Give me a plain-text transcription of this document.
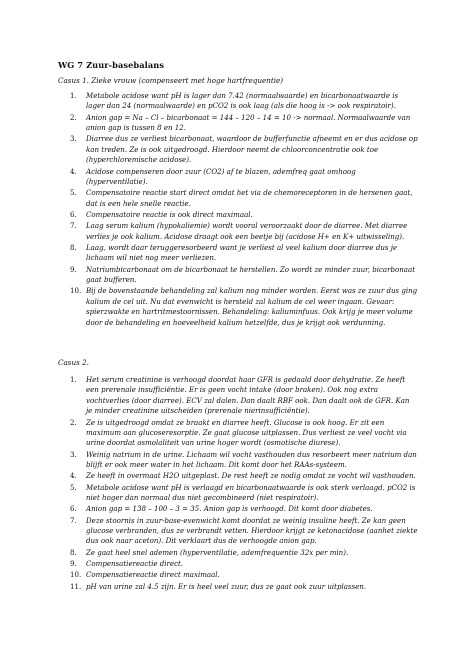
WG 7 Zuur-basebalans
Casus 1. Zieke vrouw (compenseert met hoge hartfrequentie)
1. Metabole acidose want pH is lager dan 7.42 (normaalwaarde) en bicarbonaatwaarde is lager dan 24 (normaalwaarde) en pCO2 is ook laag (als die hoog is -> ook respiratoir).
2. Anion gap = Na – Cl – bicarbonaat = 144 – 120 – 14 = 10 -> normaal. Normaalwaarde van anion gap is tussen 8 en 12.
3. Diarree dus ze verliest bicarbonaat, waardoor de bufferfunctie afneemt en er dus acidose op kan treden. Ze is ook uitgedroogd. Hierdoor neemt de chloorconcentratie ook toe (hyperchloremische acidose).
4. Acidose compenseren door zuur (CO2) af te blazen, ademfreq gaat omhoog (hyperventilatie).
5. Compensatoire reactie start direct omdat het via de chemoreceptoren in de hersenen gaat, dat is een hele snelle reactie.
6. Compensatoire reactie is ook direct maximaal.
7. Laag serum kalium (hypokaliemie) wordt vooral veroorzaakt door de diarree. Met diarree verlies je ook kalium. Acidose draagt ook een beetje bij (acidose H+ en K+ uitwisseling).
8. Laag, wordt daar teruggeresorbeerd want je verliest al veel kalium door diarree dus je lichaam wil niet nog meer verliezen.
9. Natriumbicarbonaat om de bicarbonaat te herstellen. Zo wordt ze minder zuur, bicarbonaat gaat bufferen.
10. Bij de bovenstaande behandeling zal kalium nog minder worden. Eerst was ze zuur dus ging kalium de cel uit. Nu dat evenwicht is hersteld zal kalium de cel weer ingaan. Gevaar: spierzwakte en hartritmestoornissen. Behandeling: kaliuminfuus. Ook krijg je meer volume door de behandeling en hoeveelheid kalium hetzelfde, dus je krijgt ook verdunning.
Casus 2.
1. Het serum creatinine is verhoogd doordat haar GFR is gedaald door dehydratie. Ze heeft een prerenale insufficiëntie. Er is geen vocht intake (door braken). Ook nog extra vochtverlies (door diarree). ECV zal dalen. Dan daalt RBF ook. Dan daalt ook de GFR. Kan je minder creatinine uitscheiden (prerenale nierinsufficiëntie).
2. Ze is uitgedroogd omdat ze braakt en diarree heeft. Glucose is ook hoog. Er zit een maximum aan glucoseresorptie. Ze gaat glucose uitplassen. Dus verliest ze veel vocht via urine doordat osmolaliteit van urine hoger wordt (osmotische diurese).
3. Weinig natrium in de urine. Lichaam wil vocht vasthouden dus resorbeert meer natrium dan blijft er ook meer water in het lichaam. Dit komt door het RAAs-systeem.
4. Ze heeft in overmaat H2O uitgeplast. De rest heeft ze nodig omdat ze vocht wil vasthouden.
5. Metabole acidose want pH is verlaagd en bicarbonaatwaarde is ook sterk verlaagd. pCO2 is niet hoger dan normaal dus niet gecombineerd (niet respiratoir).
6. Anion gap = 138 – 100 – 3 = 35. Anion gap is verhoogd. Dit komt door diabetes.
7. Deze stoornis in zuur-base-evenwicht komt doordat ze weinig insuline heeft. Ze kan geen glucose verbranden, dus ze verbrandt vetten. Hierdoor krijgt ze ketonacidose (aanhet ziekte dus ook naar aceton). Dit verklaart dus de verhoogde anion gap.
8. Ze gaat heel snel ademen (hyperventilatie, ademfrequentie 32x per min).
9. Compensatiereactie direct.
10. Compensatiereactie direct maximaal.
11. pH van urine zal 4.5 zijn. Er is heel veel zuur, dus ze gaat ook zuur uitplassen.
